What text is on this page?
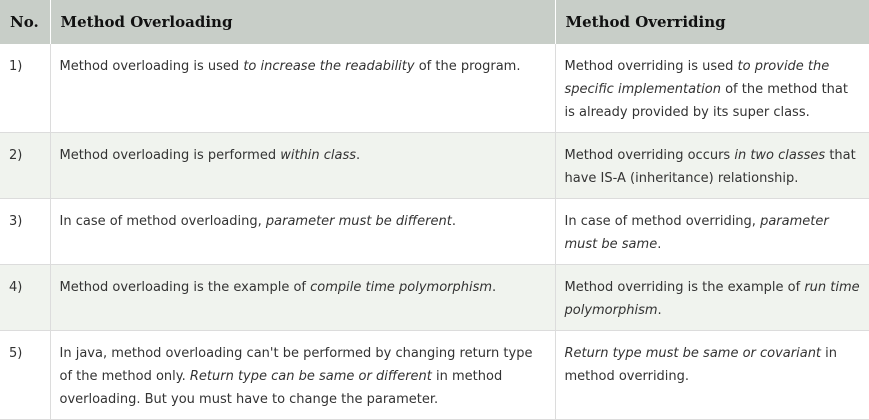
No.	Method Overloading	Method Overriding
1)	Method overloading is used to increase the readability of the program.	Method overriding is used to provide the specific implementation of the method that is already provided by its super class.
2)	Method overloading is performed within class.	Method overriding occurs in two classes that have IS-A (inheritance) relationship.
3)	In case of method overloading, parameter must be different.	In case of method overriding, parameter must be same.
4)	Method overloading is the example of compile time polymorphism.	Method overriding is the example of run time polymorphism.
5)	In java, method overloading can't be performed by changing return type of the method only. Return type can be same or different in method overloading. But you must have to change the parameter.	Return type must be same or covariant in method overriding.
